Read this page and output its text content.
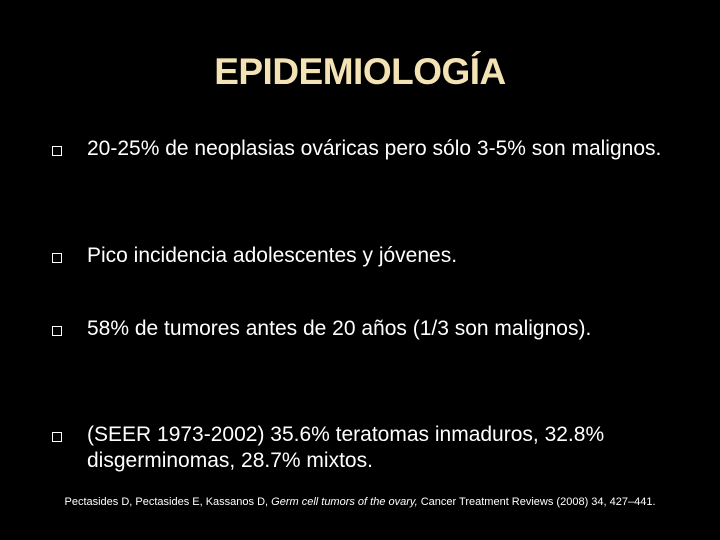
EPIDEMIOLOGÍA
20-25% de neoplasias ováricas pero sólo 3-5% son malignos.
Pico incidencia adolescentes y jóvenes.
58% de tumores antes de 20 años (1/3 son malignos).
(SEER 1973-2002) 35.6% teratomas inmaduros, 32.8% disgerminomas, 28.7% mixtos.
Pectasides D, Pectasides E, Kassanos D, Germ cell tumors of the ovary, Cancer Treatment Reviews (2008) 34, 427–441.
